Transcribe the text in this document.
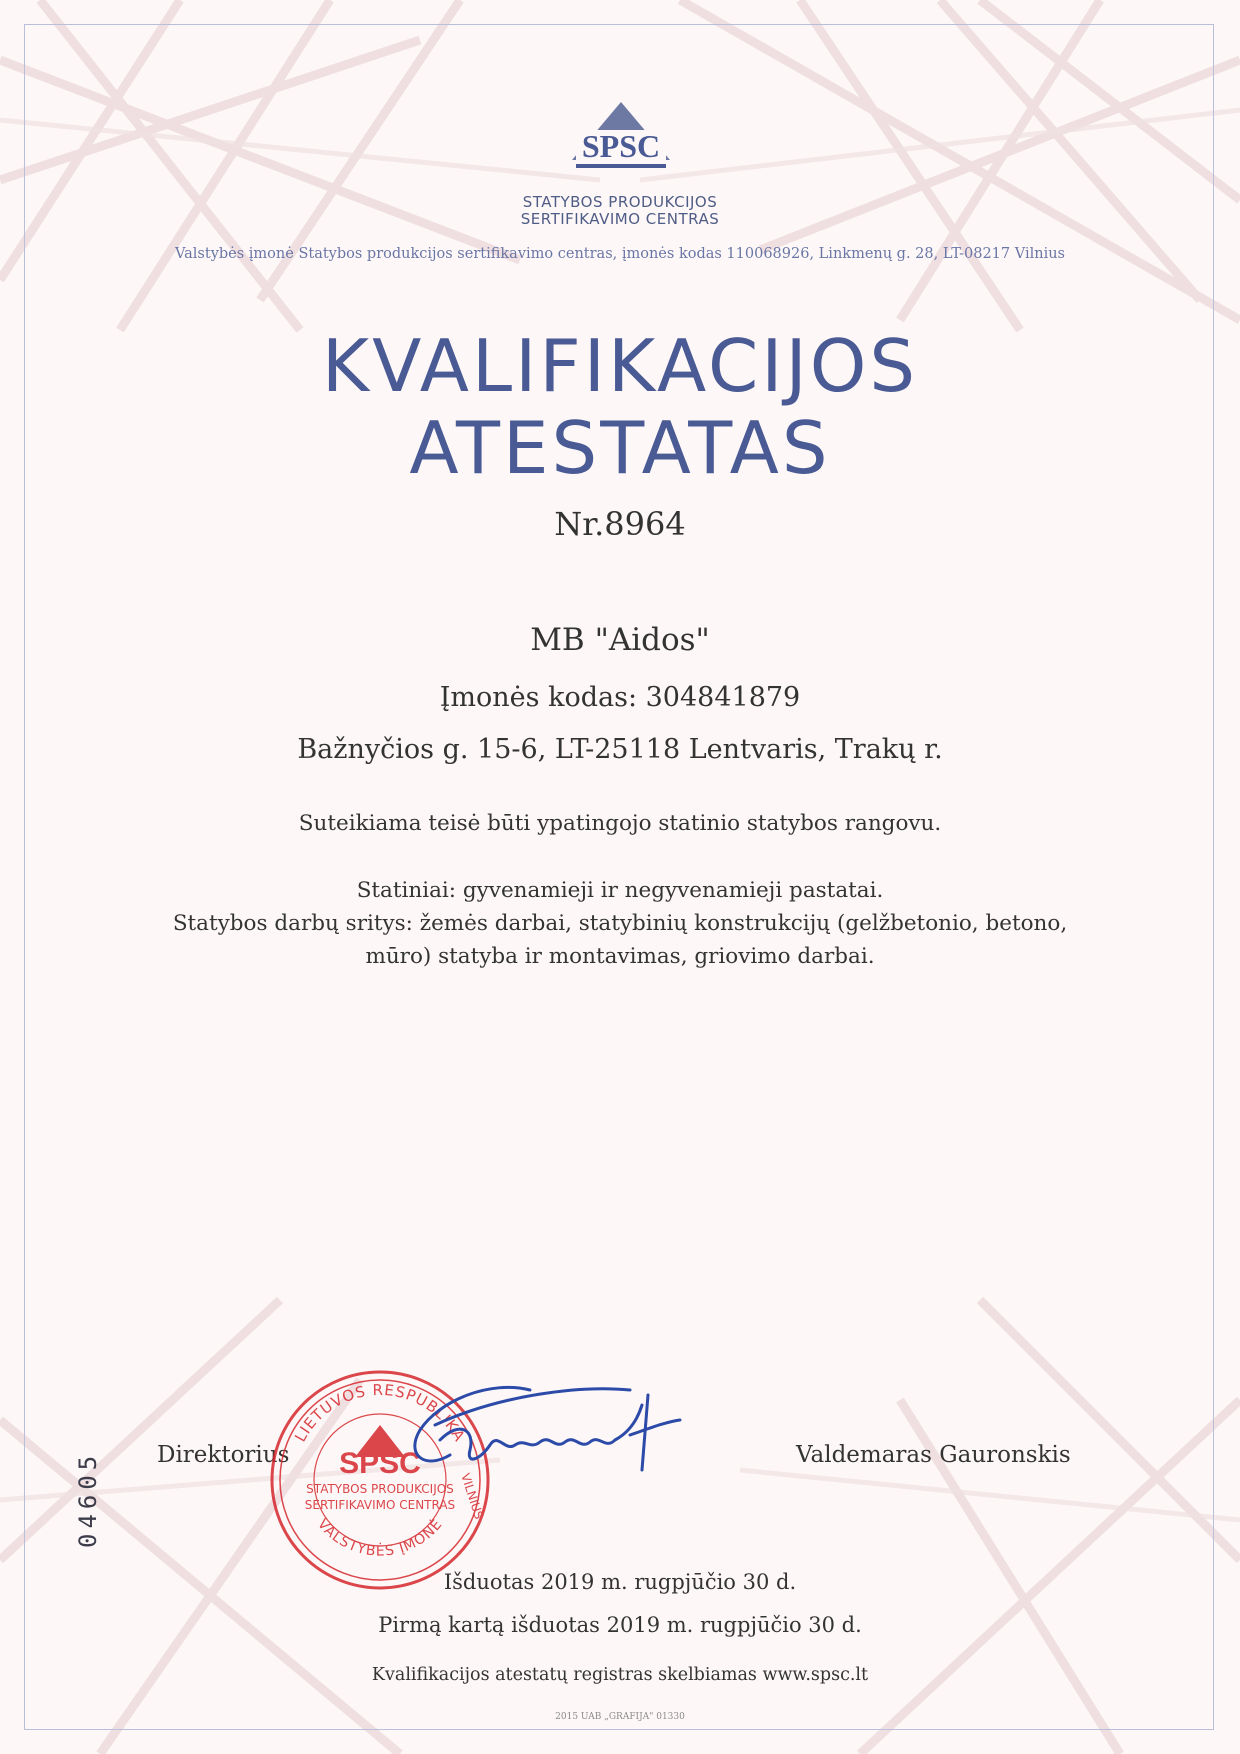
SPSC
STATYBOS PRODUKCIJOS
SERTIFIKAVIMO CENTRAS
Valstybės įmonė Statybos produkcijos sertifikavimo centras, įmonės kodas 110068926, Linkmenų g. 28, LT-08217 Vilnius
KVALIFIKACIJOS
ATESTATAS
Nr.8964
MB "Aidos"
Įmonės kodas: 304841879
Bažnyčios g. 15-6, LT-25118 Lentvaris, Trakų r.
Suteikiama teisė būti ypatingojo statinio statybos rangovu.
Statiniai: gyvenamieji ir negyvenamieji pastatai.
Statybos darbų sritys: žemės darbai, statybinių konstrukcijų (gelžbetonio, betono,
mūro) statyba ir montavimas, griovimo darbai.
Direktorius	Valdemaras Gauronskis
LIETUVOS RESPUBLIKA
VILNIUS
SPSC
STATYBOS PRODUKCIJOS
SERTIFIKAVIMO CENTRAS
VALSTYBĖS ĮMONĖ
Išduotas 2019 m. rugpjūčio 30 d.
Pirmą kartą išduotas 2019 m. rugpjūčio 30 d.
Kvalifikacijos atestatų registras skelbiamas www.spsc.lt
2015 UAB „GRAFIJA" 01330
04605
